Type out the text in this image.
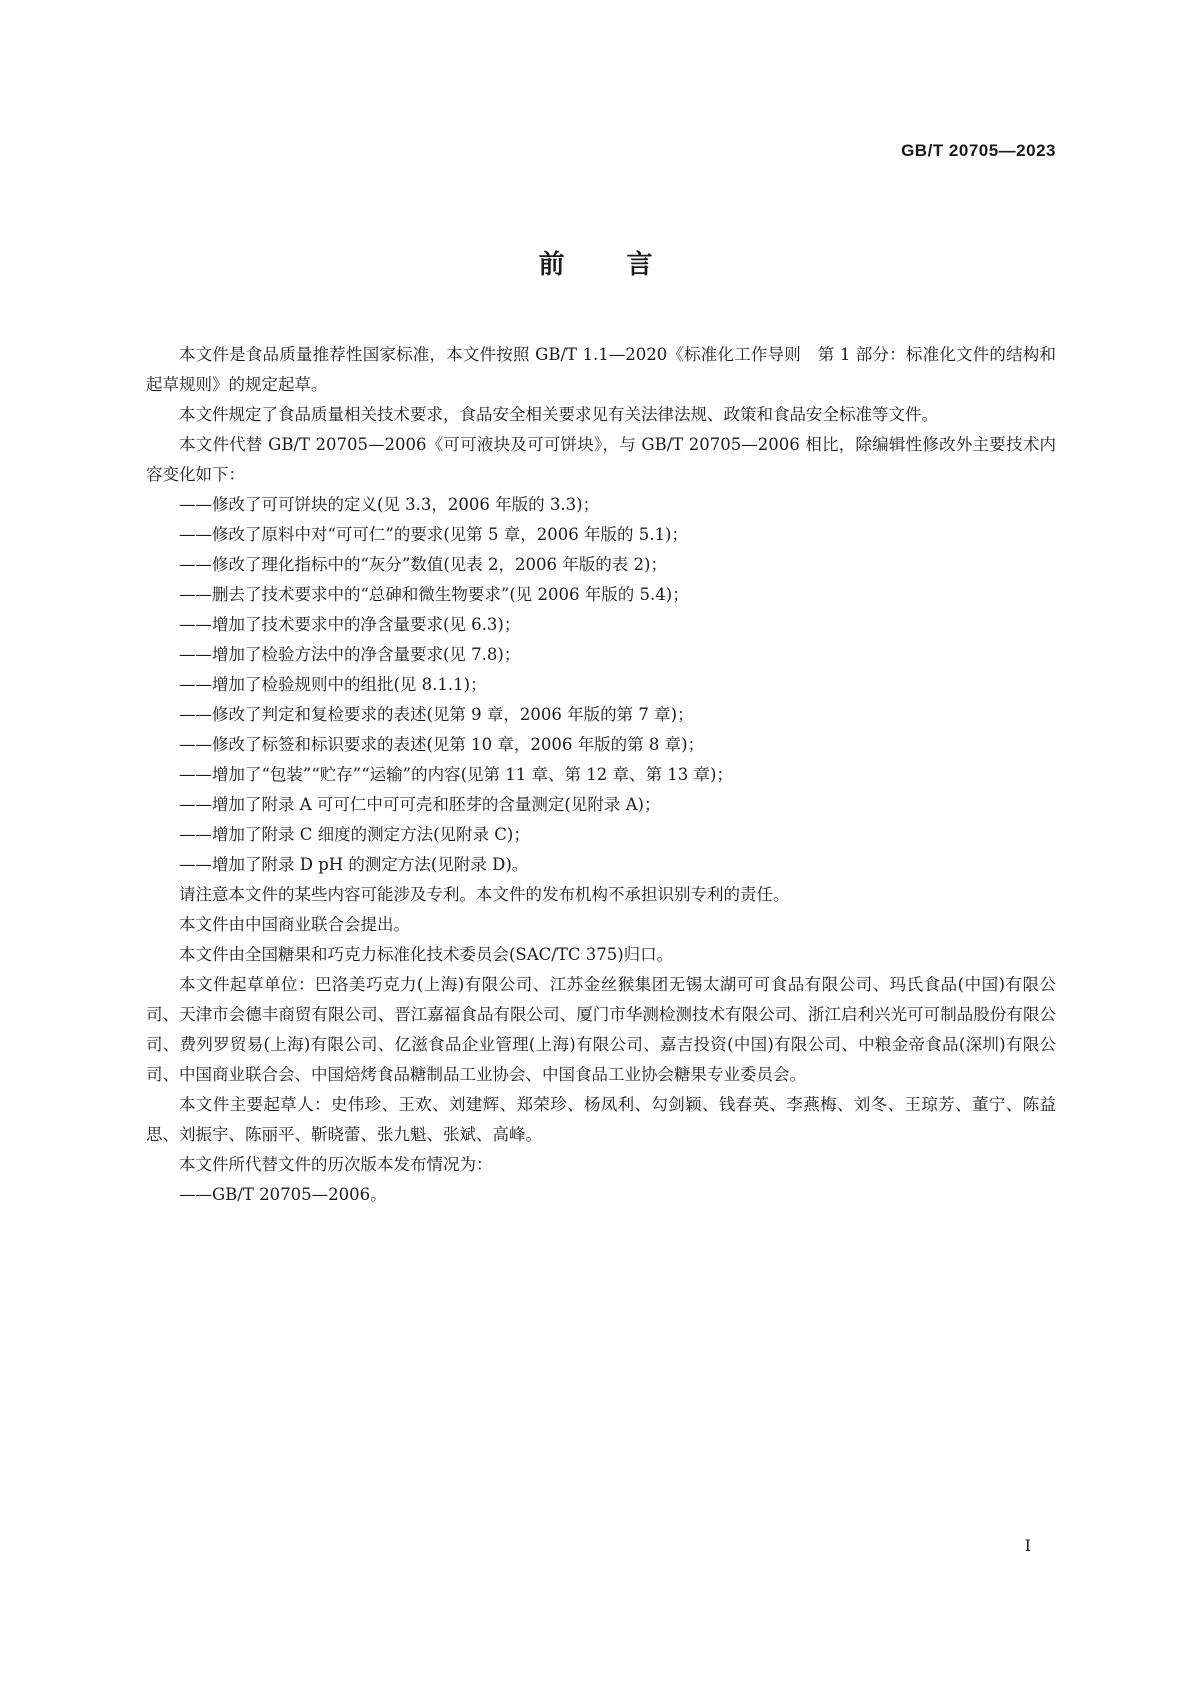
GB/T 20705—2023
前言

本文件是食品质量推荐性国家标准，本文件按照 GB/T 1.1—2020《标准化工作导则　第 1 部分：标准化文件的结构和起草规则》的规定起草。

本文件规定了食品质量相关技术要求，食品安全相关要求见有关法律法规、政策和食品安全标准等文件。

本文件代替 GB/T 20705—2006《可可液块及可可饼块》，与 GB/T 20705—2006 相比，除编辑性修改外主要技术内容变化如下：

——修改了可可饼块的定义(见 3.3，2006 年版的 3.3)；

——修改了原料中对“可可仁”的要求(见第 5 章，2006 年版的 5.1)；

——修改了理化指标中的“灰分”数值(见表 2，2006 年版的表 2)；

——删去了技术要求中的“总砷和微生物要求”(见 2006 年版的 5.4)；

——增加了技术要求中的净含量要求(见 6.3)；

——增加了检验方法中的净含量要求(见 7.8)；

——增加了检验规则中的组批(见 8.1.1)；

——修改了判定和复检要求的表述(见第 9 章，2006 年版的第 7 章)；

——修改了标签和标识要求的表述(见第 10 章，2006 年版的第 8 章)；

——增加了“包装”“贮存”“运输”的内容(见第 11 章、第 12 章、第 13 章)；

——增加了附录 A 可可仁中可可壳和胚芽的含量测定(见附录 A)；

——增加了附录 C 细度的测定方法(见附录 C)；

——增加了附录 D pH 的测定方法(见附录 D)。

请注意本文件的某些内容可能涉及专利。本文件的发布机构不承担识别专利的责任。

本文件由中国商业联合会提出。

本文件由全国糖果和巧克力标准化技术委员会(SAC/TC 375)归口。

本文件起草单位：巴洛美巧克力(上海)有限公司、江苏金丝猴集团无锡太湖可可食品有限公司、玛氏食品(中国)有限公司、天津市会德丰商贸有限公司、晋江嘉福食品有限公司、厦门市华测检测技术有限公司、浙江启利兴光可可制品股份有限公司、费列罗贸易(上海)有限公司、亿滋食品企业管理(上海)有限公司、嘉吉投资(中国)有限公司、中粮金帝食品(深圳)有限公司、中国商业联合会、中国焙烤食品糖制品工业协会、中国食品工业协会糖果专业委员会。

本文件主要起草人：史伟珍、王欢、刘建辉、郑荣珍、杨凤利、勾剑颖、钱春英、李燕梅、刘冬、王琼芳、董宁、陈益思、刘振宇、陈丽平、靳晓蕾、张九魁、张斌、高峰。

本文件所代替文件的历次版本发布情况为：

——GB/T 20705—2006。

I
